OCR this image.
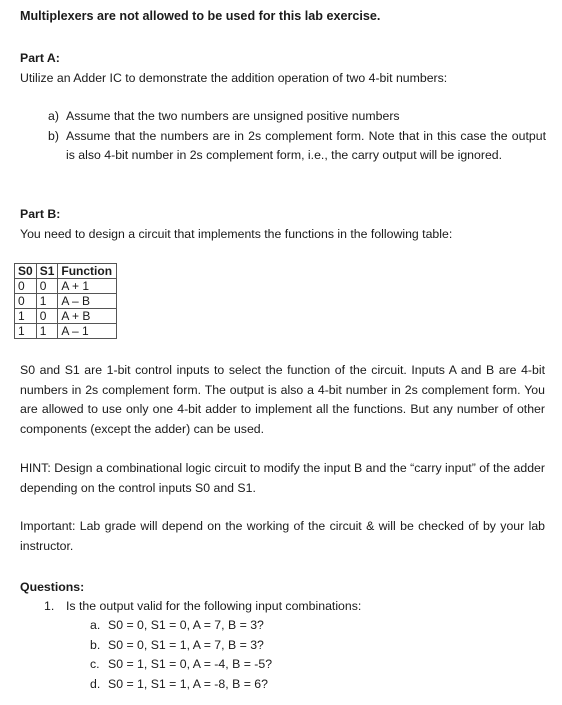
Multiplexers are not allowed to be used for this lab exercise.
Part A:
Utilize an Adder IC to demonstrate the addition operation of two 4-bit numbers:
a) Assume that the two numbers are unsigned positive numbers
b) Assume that the numbers are in 2s complement form. Note that in this case the output is also 4-bit number in 2s complement form, i.e., the carry output will be ignored.
Part B:
You need to design a circuit that implements the functions in the following table:
S0	S1	Function
0	0	A + 1
0	1	A – B
1	0	A + B
1	1	A – 1
S0 and S1 are 1-bit control inputs to select the function of the circuit. Inputs A and B are 4-bit numbers in 2s complement form. The output is also a 4-bit number in 2s complement form. You are allowed to use only one 4-bit adder to implement all the functions. But any number of other components (except the adder) can be used.
HINT: Design a combinational logic circuit to modify the input B and the “carry input” of the adder depending on the control inputs S0 and S1.
Important: Lab grade will depend on the working of the circuit & will be checked of by your lab instructor.
Questions:
1. Is the output valid for the following input combinations:
a. S0 = 0, S1 = 0, A = 7, B = 3?
b. S0 = 0, S1 = 1, A = 7, B = 3?
c. S0 = 1, S1 = 0, A = -4, B = -5?
d. S0 = 1, S1 = 1, A = -8, B = 6?
